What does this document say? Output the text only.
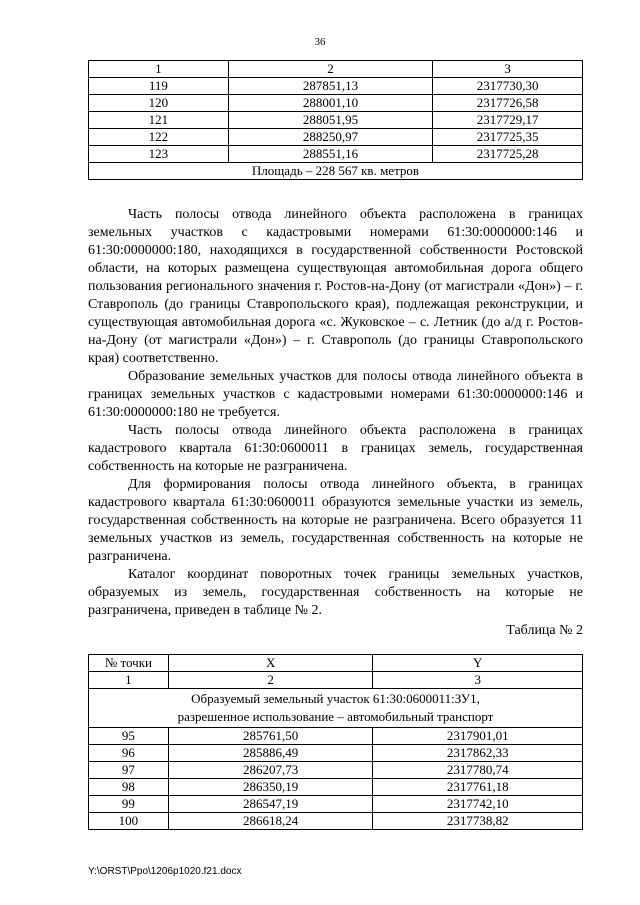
36
1	2	3
119	287851,13	2317730,30
120	288001,10	2317726,58
121	288051,95	2317729,17
122	288250,97	2317725,35
123	288551,16	2317725,28
Площадь – 228 567 кв. метров		

Часть полосы отвода линейного объекта расположена в границах земельных участков с кадастровыми номерами 61:30:0000000:146 и 61:30:0000000:180, находящихся в государственной собственности Ростовской области, на которых размещена существующая автомобильная дорога общего пользования регионального значения г. Ростов-на-Дону (от магистрали «Дон») – г. Ставрополь (до границы Ставропольского края), подлежащая реконструкции, и существующая автомобильная дорога «с. Жуковское – с. Летник (до а/д г. Ростов-на-Дону (от магистрали «Дон») – г. Ставрополь (до границы Ставропольского края) соответственно.

Образование земельных участков для полосы отвода линейного объекта в границах земельных участков с кадастровыми номерами 61:30:0000000:146 и 61:30:0000000:180 не требуется.

Часть полосы отвода линейного объекта расположена в границах кадастрового квартала 61:30:0600011 в границах земель, государственная собственность на которые не разграничена.

Для формирования полосы отвода линейного объекта, в границах кадастрового квартала 61:30:0600011 образуются земельные участки из земель, государственная собственность на которые не разграничена. Всего образуется 11 земельных участков из земель, государственная собственность на которые не разграничена.

Каталог координат поворотных точек границы земельных участков, образуемых из земель, государственная собственность на которые не разграничена, приведен в таблице № 2.

Таблица № 2
№ точки	X	Y
1	2	3

Образуемый земельный участок 61:30:0600011:ЗУ1,
разрешенное использование – автомобильный транспорт		

95	285761,50	2317901,01
96	285886,49	2317862,33
97	286207,73	2317780,74
98	286350,19	2317761,18
99	286547,19	2317742,10
100	286618,24	2317738,82
Y:\ORST\Ppo\1206p1020.f21.docx
